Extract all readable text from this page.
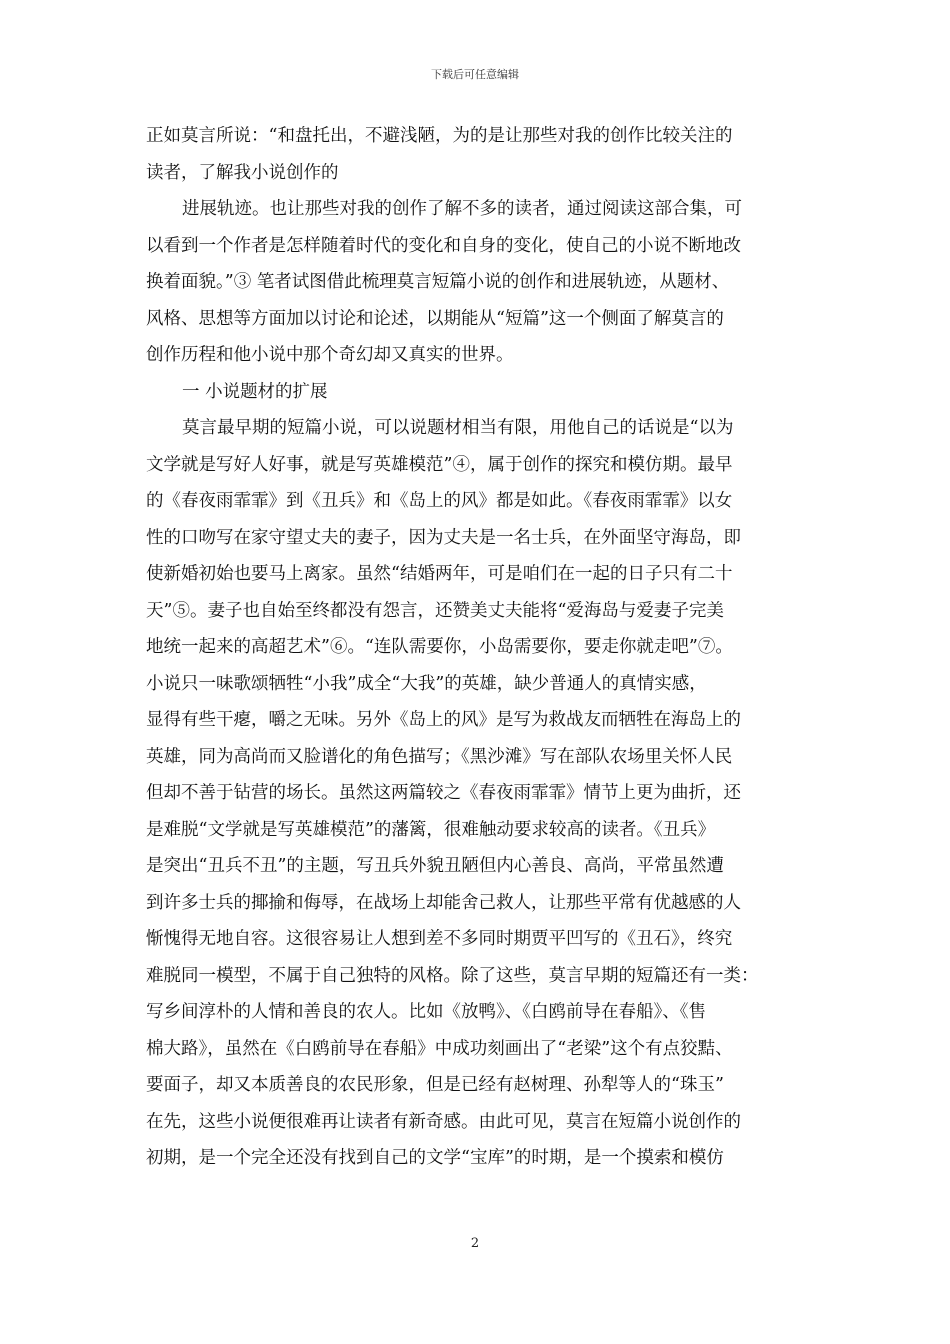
下载后可任意编辑
正如莫言所说：“和盘托出，不避浅陋，为的是让那些对我的创作比较关注的
读者，了解我小说创作的
进展轨迹。也让那些对我的创作了解不多的读者，通过阅读这部合集，可
以看到一个作者是怎样随着时代的变化和自身的变化，使自己的小说不断地改
换着面貌。”③ 笔者试图借此梳理莫言短篇小说的创作和进展轨迹，从题材、
风格、思想等方面加以讨论和论述，以期能从“短篇”这一个侧面了解莫言的
创作历程和他小说中那个奇幻却又真实的世界。
一 小说题材的扩展
莫言最早期的短篇小说，可以说题材相当有限，用他自己的话说是“以为
文学就是写好人好事，就是写英雄模范”④，属于创作的探究和模仿期。最早
的《春夜雨霏霏》到《丑兵》和《岛上的风》都是如此。《春夜雨霏霏》以女
性的口吻写在家守望丈夫的妻子，因为丈夫是一名士兵，在外面坚守海岛，即
使新婚初始也要马上离家。虽然“结婚两年，可是咱们在一起的日子只有二十
天”⑤。妻子也自始至终都没有怨言，还赞美丈夫能将“爱海岛与爱妻子完美
地统一起来的高超艺术”⑥。“连队需要你，小岛需要你，要走你就走吧”⑦。
小说只一味歌颂牺牲“小我”成全“大我”的英雄，缺少普通人的真情实感，
显得有些干瘪，嚼之无味。另外《岛上的风》是写为救战友而牺牲在海岛上的
英雄，同为高尚而又脸谱化的角色描写；《黑沙滩》写在部队农场里关怀人民
但却不善于钻营的场长。虽然这两篇较之《春夜雨霏霏》情节上更为曲折，还
是难脱“文学就是写英雄模范”的藩篱，很难触动要求较高的读者。《丑兵》
是突出“丑兵不丑”的主题，写丑兵外貌丑陋但内心善良、高尚，平常虽然遭
到许多士兵的揶揄和侮辱，在战场上却能舍己救人，让那些平常有优越感的人
惭愧得无地自容。这很容易让人想到差不多同时期贾平凹写的《丑石》，终究
难脱同一模型，不属于自己独特的风格。除了这些，莫言早期的短篇还有一类：
写乡间淳朴的人情和善良的农人。比如《放鸭》、《白鸥前导在春船》、《售
棉大路》，虽然在《白鸥前导在春船》中成功刻画出了“老梁”这个有点狡黠、
要面子，却又本质善良的农民形象，但是已经有赵树理、孙犁等人的“珠玉”
在先，这些小说便很难再让读者有新奇感。由此可见，莫言在短篇小说创作的
初期，是一个完全还没有找到自己的文学“宝库”的时期，是一个摸索和模仿
2
